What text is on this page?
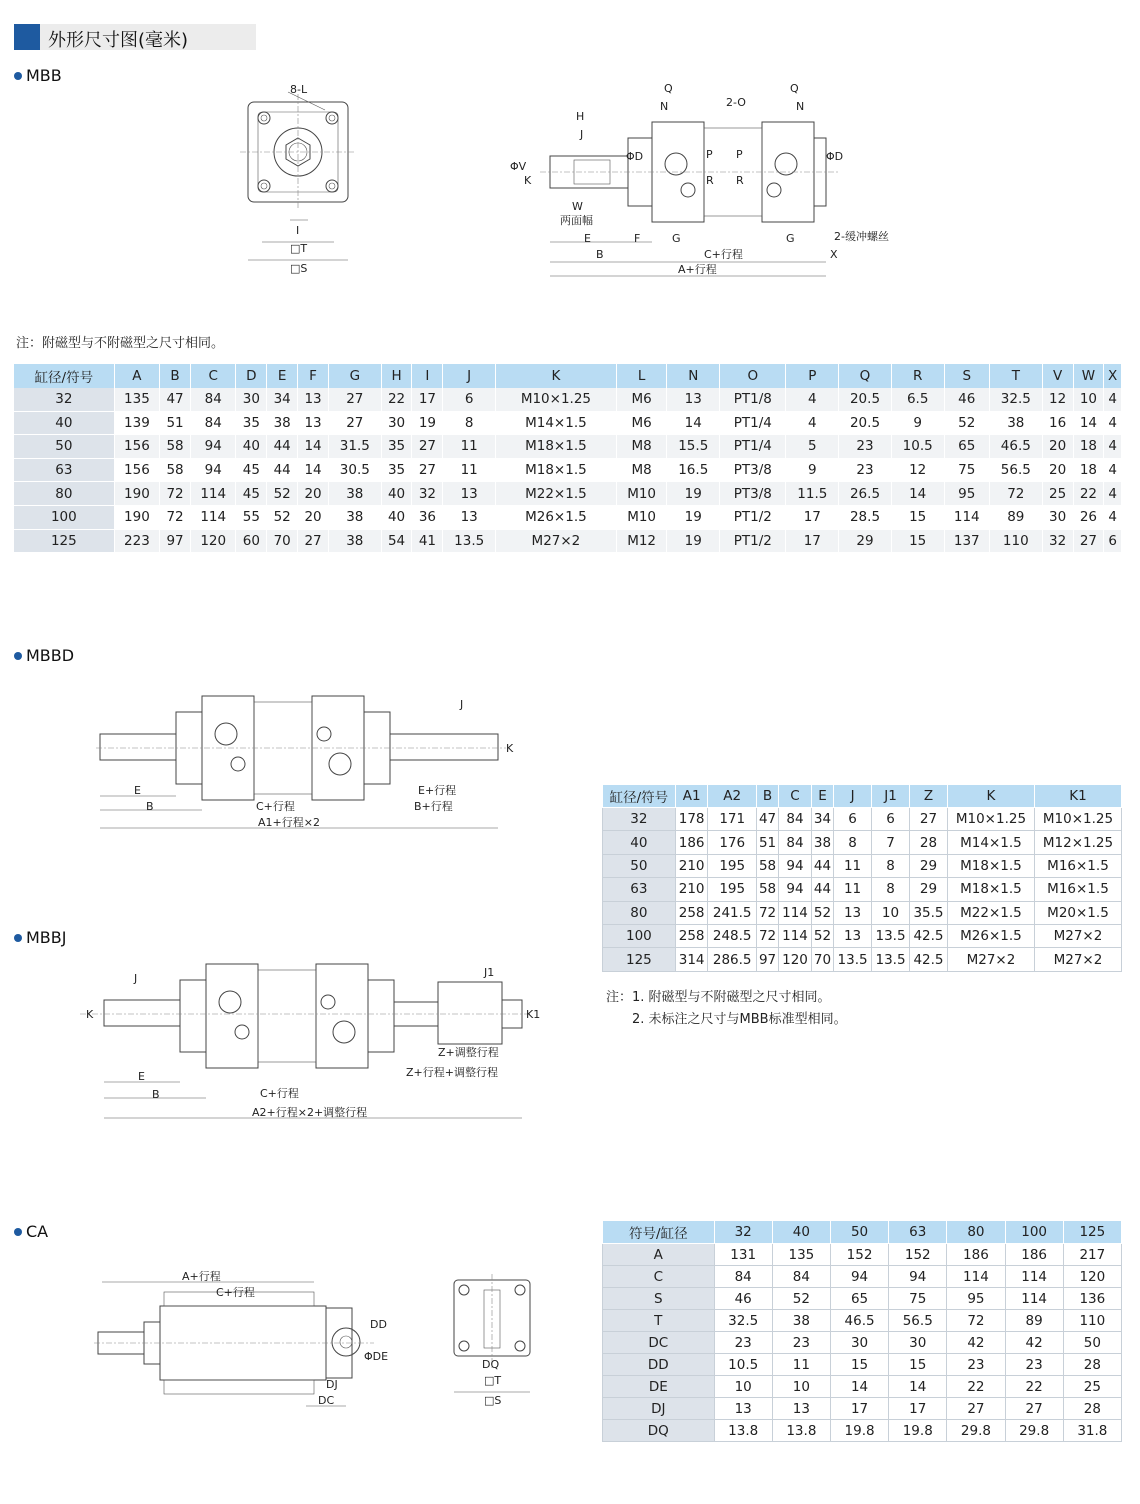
外形尺寸图(毫米)
MBB
MBBD
MBBJ
CA
8-L
I
□T
□S
Q
N	2-O
Q
N
H
J
ΦV
K
ΦD	P
R
P
R
ΦD
W
两面幅
E	F	G
C+行程
G	2-缓冲螺丝
B	X
A+行程
注：附磁型与不附磁型之尺寸相同。
缸径/符号	A	B	C	D	E	F	G	H	I	J	K	L	N	O	P	Q	R	S	T	V	W	X
32	135	47	84	30	34	13	27	22	17	6	M10×1.25	M6	13	PT1/8	4	20.5	6.5	46	32.5	12	10	4
40	139	51	84	35	38	13	27	30	19	8	M14×1.5	M6	14	PT1/4	4	20.5	9	52	38	16	14	4
50	156	58	94	40	44	14	31.5	35	27	11	M18×1.5	M8	15.5	PT1/4	5	23	10.5	65	46.5	20	18	4
63	156	58	94	45	44	14	30.5	35	27	11	M18×1.5	M8	16.5	PT3/8	9	23	12	75	56.5	20	18	4
80	190	72	114	45	52	20	38	40	32	13	M22×1.5	M10	19	PT3/8	11.5	26.5	14	95	72	25	22	4
100	190	72	114	55	52	20	38	40	36	13	M26×1.5	M10	19	PT1/2	17	28.5	15	114	89	30	26	4
125	223	97	120	60	70	27	38	54	41	13.5	M27×2	M12	19	PT1/2	17	29	15	137	110	32	27	6
J
K
E	E+行程
B	C+行程	B+行程
A1+行程×2
缸径/符号	A1	A2	B	C	E	J	J1	Z	K	K1
32	178	171	47	84	34	6	6	27	M10×1.25	M10×1.25
40	186	176	51	84	38	8	7	28	M14×1.5	M12×1.25
50	210	195	58	94	44	11	8	29	M18×1.5	M16×1.5
63	210	195	58	94	44	11	8	29	M18×1.5	M16×1.5
80	258	241.5	72	114	52	13	10	35.5	M22×1.5	M20×1.5
100	258	248.5	72	114	52	13	13.5	42.5	M26×1.5	M27×2
125	314	286.5	97	120	70	13.5	13.5	42.5	M27×2	M27×2
注：1. 附磁型与不附磁型之尺寸相同。
2. 未标注之尺寸与MBB标准型相同。
J	J1
K	K1
Z+调整行程
Z+行程+调整行程
E
B	C+行程
A2+行程×2+调整行程
A+行程
C+行程
DD
ΦDE
DJ
DC
DQ
□T
□S
符号/缸径	32	40	50	63	80	100	125
A	131	135	152	152	186	186	217
C	84	84	94	94	114	114	120
S	46	52	65	75	95	114	136
T	32.5	38	46.5	56.5	72	89	110
DC	23	23	30	30	42	42	50
DD	10.5	11	15	15	23	23	28
DE	10	10	14	14	22	22	25
DJ	13	13	17	17	27	27	28
DQ	13.8	13.8	19.8	19.8	29.8	29.8	31.8
